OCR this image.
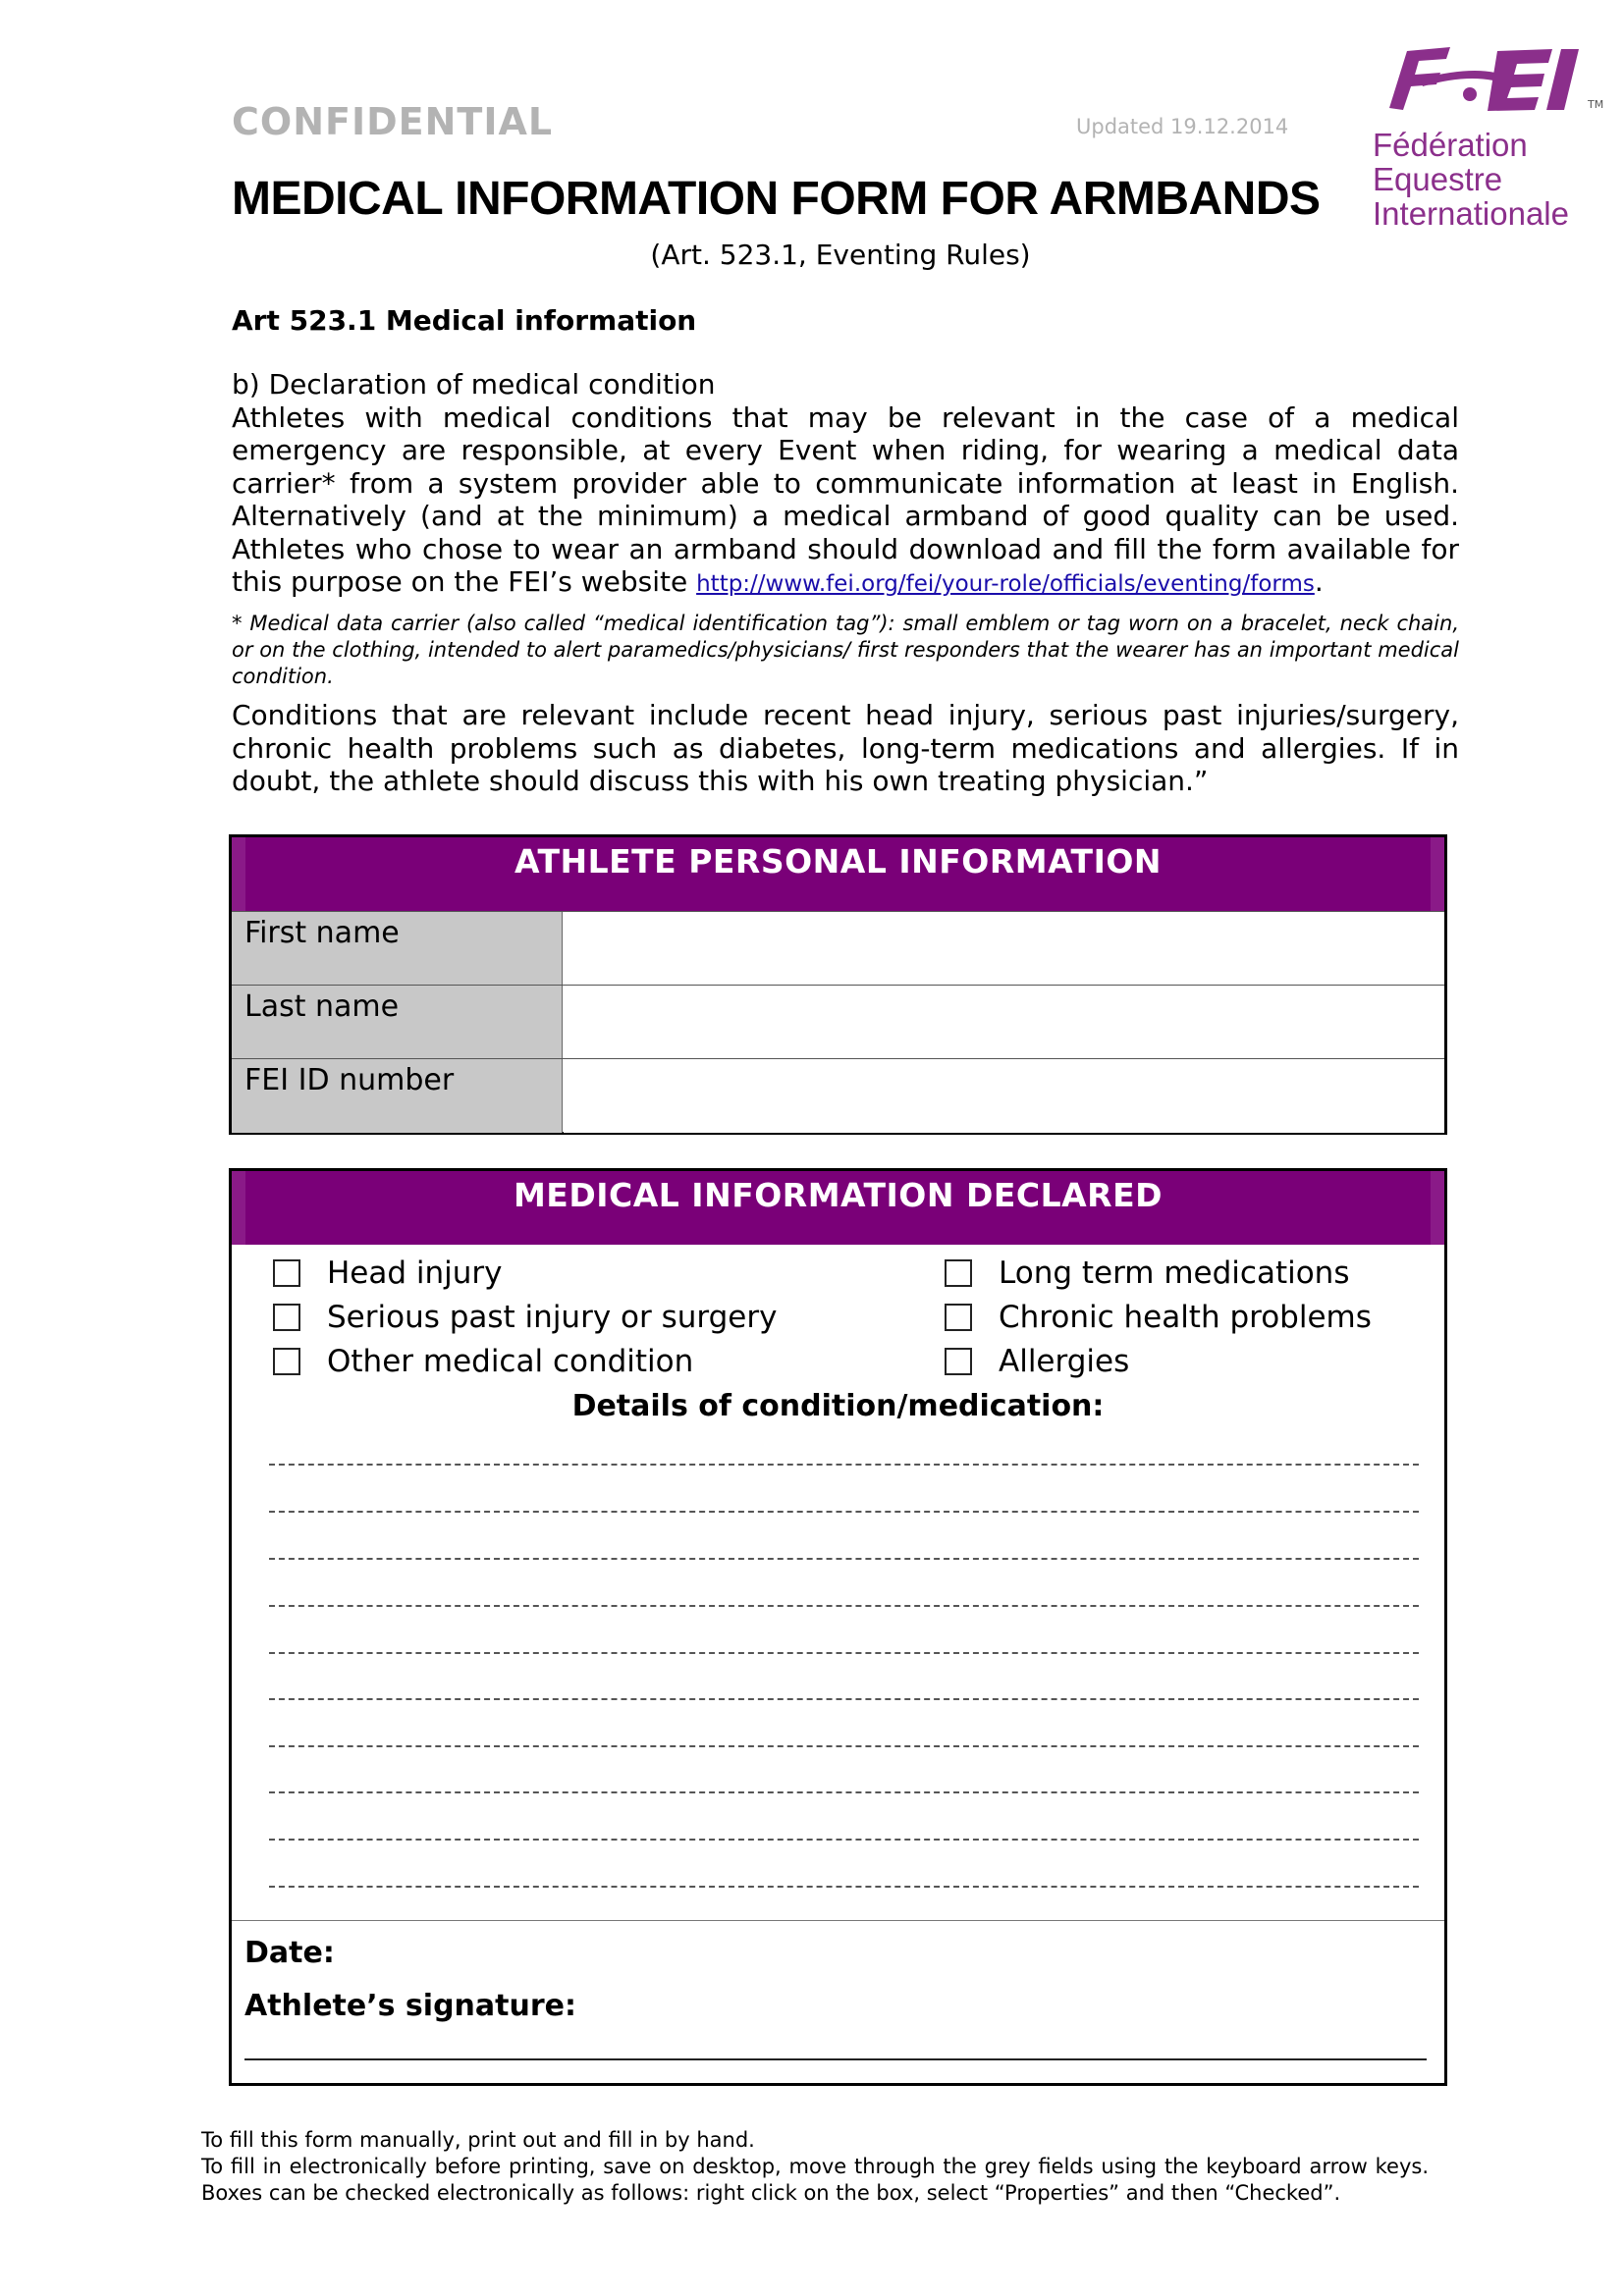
CONFIDENTIAL	Updated 19.12.2014
MEDICAL INFORMATION FORM FOR ARMBANDS
(Art. 523.1, Eventing Rules)
TM
Fédération
Equestre
Internationale
Art 523.1 Medical information
b) Declaration of medical condition
Athletes with medical conditions that may be relevant in the case of a medical emergency are responsible, at every Event when riding, for wearing a medical data carrier* from a system provider able to communicate information at least in English. Alternatively (and at the minimum) a medical armband of good quality can be used. Athletes who chose to wear an armband should download and fill the form available for this purpose on the FEI’s website http://www.fei.org/fei/your-role/officials/eventing/forms.
* Medical data carrier (also called “medical identification tag”): small emblem or tag worn on a bracelet, neck chain, or on the clothing, intended to alert paramedics/physicians/ first responders that the wearer has an important medical condition.
Conditions that are relevant include recent head injury, serious past injuries/surgery, chronic health problems such as diabetes, long-term medications and allergies. If in doubt, the athlete should discuss this with his own treating physician.”
ATHLETE PERSONAL INFORMATION
First name
Last name
FEI ID number
MEDICAL INFORMATION DECLARED
Head injury
Serious past injury or surgery
Other medical condition
Long term medications
Chronic health problems
Allergies
Details of condition/medication:
Date:
Athlete’s signature:
To fill this form manually, print out and fill in by hand.
To fill in electronically before printing, save on desktop, move through the grey fields using the keyboard arrow keys. Boxes can be checked electronically as follows: right click on the box, select “Properties” and then “Checked”.
